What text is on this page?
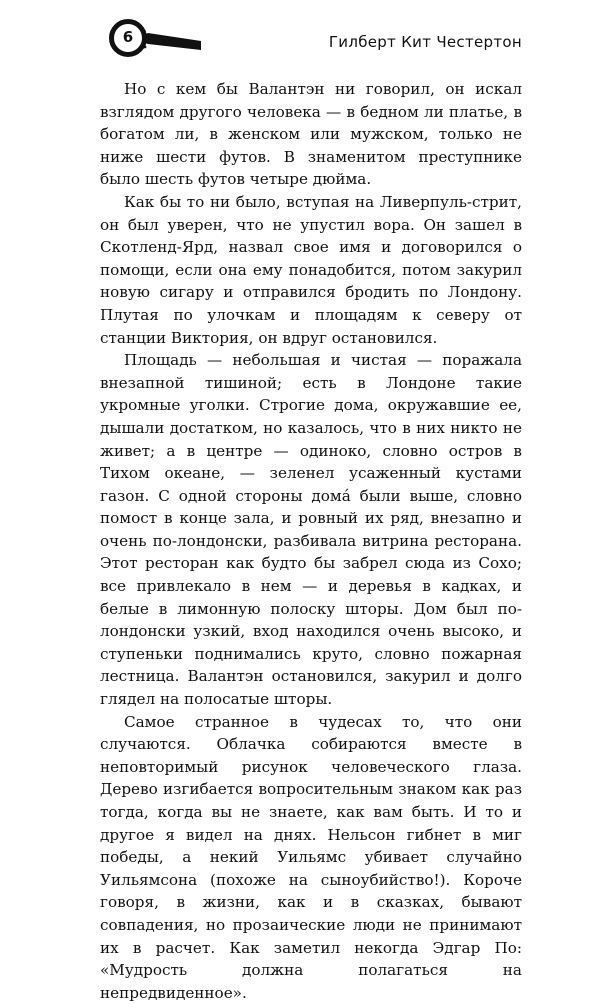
6	Гилберт Кит Честертон

Но с кем бы Валантэн ни говорил, он искал взглядом другого человека — в бедном ли платье, в богатом ли, в женском или мужском, только не ниже шести футов. В знаменитом преступнике было шесть футов четыре дюйма.

Как бы то ни было, вступая на Ливерпуль-стрит, он был уверен, что не упустил вора. Он зашел в Скотленд-Ярд, назвал свое имя и договорился о помощи, если она ему понадобится, потом закурил новую сигару и отправился бродить по Лондону. Плутая по улочкам и площадям к северу от станции Виктория, он вдруг остановился.

Площадь — небольшая и чистая — поражала внезапной тишиной; есть в Лондоне такие укромные уголки. Строгие дома, окружавшие ее, дышали достатком, но казалось, что в них никто не живет; а в центре — одиноко, словно остров в Тихом океане, — зеленел усаженный кустами газон. С одной стороны домá были выше, словно помост в конце зала, и ровный их ряд, внезапно и очень по-лондонски, разбивала витрина ресторана. Этот ресторан как будто бы забрел сюда из Сохо; все привлекало в нем — и деревья в кадках, и белые в лимонную полоску шторы. Дом был по-лондонски узкий, вход находился очень высоко, и ступеньки поднимались круто, словно пожарная лестница. Валантэн остановился, закурил и долго глядел на полосатые шторы.

Самое странное в чудесах то, что они случаются. Облачка собираются вместе в неповторимый рисунок человеческого глаза. Дерево изгибается вопросительным знаком как раз тогда, когда вы не знаете, как вам быть. И то и другое я видел на днях. Нельсон гибнет в миг победы, а некий Уильямс убивает случайно Уильямсона (похоже на сыноубийство!). Короче говоря, в жизни, как и в сказках, бывают совпадения, но прозаические люди не принимают их в расчет. Как заметил некогда Эдгар По: «Мудрость должна полагаться на непредвиденное».
